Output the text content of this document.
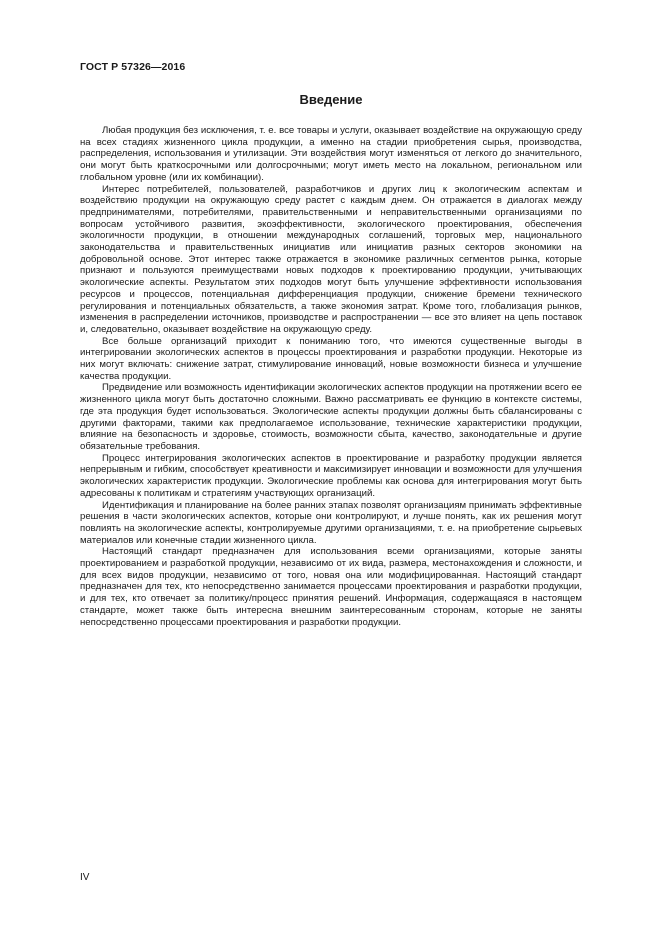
ГОСТ Р 57326—2016
Введение

Любая продукция без исключения, т. е. все товары и услуги, оказывает воздействие на окружающую среду на всех стадиях жизненного цикла продукции, а именно на стадии приобретения сырья, производства, распределения, использования и утилизации. Эти воздействия могут изменяться от легкого до значительного, они могут быть краткосрочными или долгосрочными; могут иметь место на локальном, региональном или глобальном уровне (или их комбинации).

Интерес потребителей, пользователей, разработчиков и других лиц к экологическим аспектам и воздействию продукции на окружающую среду растет с каждым днем. Он отражается в диалогах между предпринимателями, потребителями, правительственными и неправительственными организациями по вопросам устойчивого развития, экоэффективности, экологического проектирования, обеспечения экологичности продукции, в отношении международных соглашений, торговых мер, национального законодательства и правительственных инициатив или инициатив разных секторов экономики на добровольной основе. Этот интерес также отражается в экономике различных сегментов рынка, которые признают и пользуются преимуществами новых подходов к проектированию продукции, учитывающих экологические аспекты. Результатом этих подходов могут быть улучшение эффективности использования ресурсов и процессов, потенциальная дифференциация продукции, снижение бремени технического регулирования и потенциальных обязательств, а также экономия затрат. Кроме того, глобализация рынков, изменения в распределении источников, производстве и распространении — все это влияет на цепь поставок и, следовательно, оказывает воздействие на окружающую среду.

Все больше организаций приходит к пониманию того, что имеются существенные выгоды в интегрировании экологических аспектов в процессы проектирования и разработки продукции. Некоторые из них могут включать: снижение затрат, стимулирование инноваций, новые возможности бизнеса и улучшение качества продукции.

Предвидение или возможность идентификации экологических аспектов продукции на протяжении всего ее жизненного цикла могут быть достаточно сложными. Важно рассматривать ее функцию в контексте системы, где эта продукция будет использоваться. Экологические аспекты продукции должны быть сбалансированы с другими факторами, такими как предполагаемое использование, технические характеристики продукции, влияние на безопасность и здоровье, стоимость, возможности сбыта, качество, законодательные и другие обязательные требования.

Процесс интегрирования экологических аспектов в проектирование и разработку продукции является непрерывным и гибким, способствует креативности и максимизирует инновации и возможности для улучшения экологических характеристик продукции. Экологические проблемы как основа для интегрирования могут быть адресованы к политикам и стратегиям участвующих организаций.

Идентификация и планирование на более ранних этапах позволят организациям принимать эффективные решения в части экологических аспектов, которые они контролируют, и лучше понять, как их решения могут повлиять на экологические аспекты, контролируемые другими организациями, т. е. на приобретение сырьевых материалов или конечные стадии жизненного цикла.

Настоящий стандарт предназначен для использования всеми организациями, которые заняты проектированием и разработкой продукции, независимо от их вида, размера, местонахождения и сложности, и для всех видов продукции, независимо от того, новая она или модифицированная. Настоящий стандарт предназначен для тех, кто непосредственно занимается процессами проектирования и разработки продукции, и для тех, кто отвечает за политику/процесс принятия решений. Информация, содержащаяся в настоящем стандарте, может также быть интересна внешним заинтересованным сторонам, которые не заняты непосредственно процессами проектирования и разработки продукции.

IV
